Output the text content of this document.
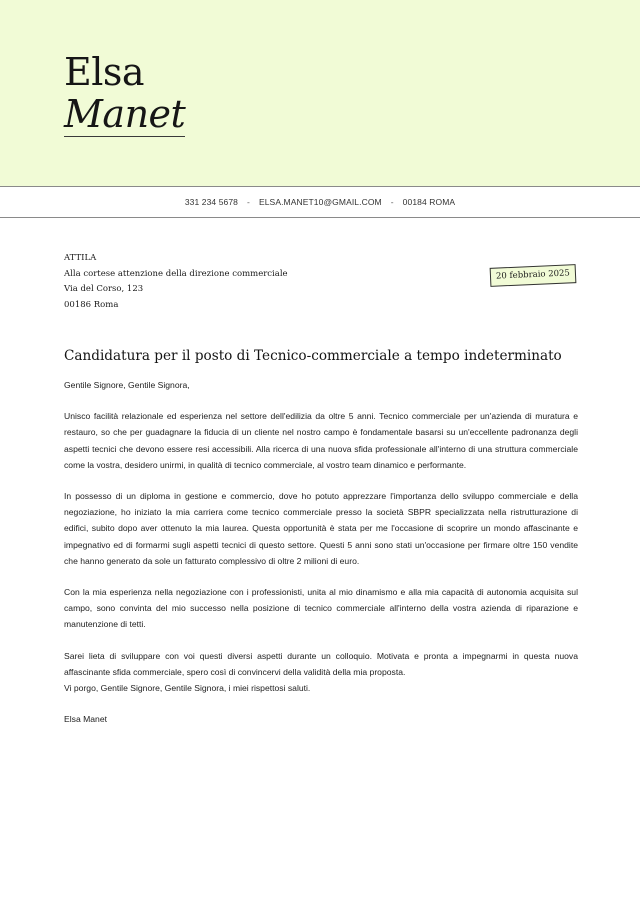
Elsa
Manet
331 234 5678 - ELSA.MANET10@GMAIL.COM - 00184 ROMA
ATTILA
Alla cortese attenzione della direzione commerciale
Via del Corso, 123
00186 Roma
20 febbraio 2025
Candidatura per il posto di Tecnico-commerciale a tempo indeterminato

Gentile Signore, Gentile Signora,

Unisco facilità relazionale ed esperienza nel settore dell'edilizia da oltre 5 anni. Tecnico commerciale per un'azienda di muratura e restauro, so che per guadagnare la fiducia di un cliente nel nostro campo è fondamentale basarsi su un'eccellente padronanza degli aspetti tecnici che devono essere resi accessibili. Alla ricerca di una nuova sfida professionale all'interno di una struttura commerciale come la vostra, desidero unirmi, in qualità di tecnico commerciale, al vostro team dinamico e performante.

In possesso di un diploma in gestione e commercio, dove ho potuto apprezzare l'importanza dello sviluppo commerciale e della negoziazione, ho iniziato la mia carriera come tecnico commerciale presso la società SBPR specializzata nella ristrutturazione di edifici, subito dopo aver ottenuto la mia laurea. Questa opportunità è stata per me l'occasione di scoprire un mondo affascinante e impegnativo ed di formarmi sugli aspetti tecnici di questo settore. Questi 5 anni sono stati un'occasione per firmare oltre 150 vendite che hanno generato da sole un fatturato complessivo di oltre 2 milioni di euro.

Con la mia esperienza nella negoziazione con i professionisti, unita al mio dinamismo e alla mia capacità di autonomia acquisita sul campo, sono convinta del mio successo nella posizione di tecnico commerciale all'interno della vostra azienda di riparazione e manutenzione di tetti.

Sarei lieta di sviluppare con voi questi diversi aspetti durante un colloquio. Motivata e pronta a impegnarmi in questa nuova affascinante sfida commerciale, spero così di convincervi della validità della mia proposta.

Vi porgo, Gentile Signore, Gentile Signora, i miei rispettosi saluti.

Elsa Manet
